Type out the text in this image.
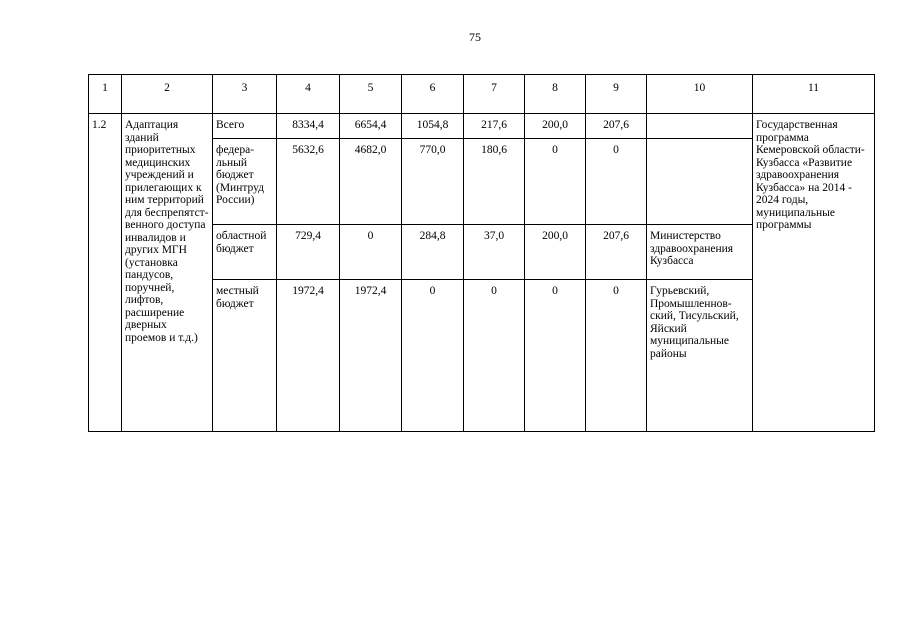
75
1	2	3	4	5	6	7	8	9	10	11
1.2	Адаптация зданий приоритетных медицинских учреждений и прилегающих к ним территорий для беспрепятст-венного доступа инвалидов и других МГН (установка пандусов, поручней, лифтов, расширение дверных проемов и т.д.)	Всего	8334,4	6654,4	1054,8	217,6	200,0	207,6		Государственная программа Кемеровской области- Кузбасса «Развитие здравоохранения Кузбасса» на 2014 - 2024 годы, муниципальные программы
		федера-льный бюджет (Минтруд России)	5632,6	4682,0	770,0	180,6	0	0		
		областной бюджет	729,4	0	284,8	37,0	200,0	207,6	Министерство здравоохранения Кузбасса	
		местный бюджет	1972,4	1972,4	0	0	0	0	Гурьевский, Промышленнов-ский, Тисульский, Яйский муниципальные районы	
